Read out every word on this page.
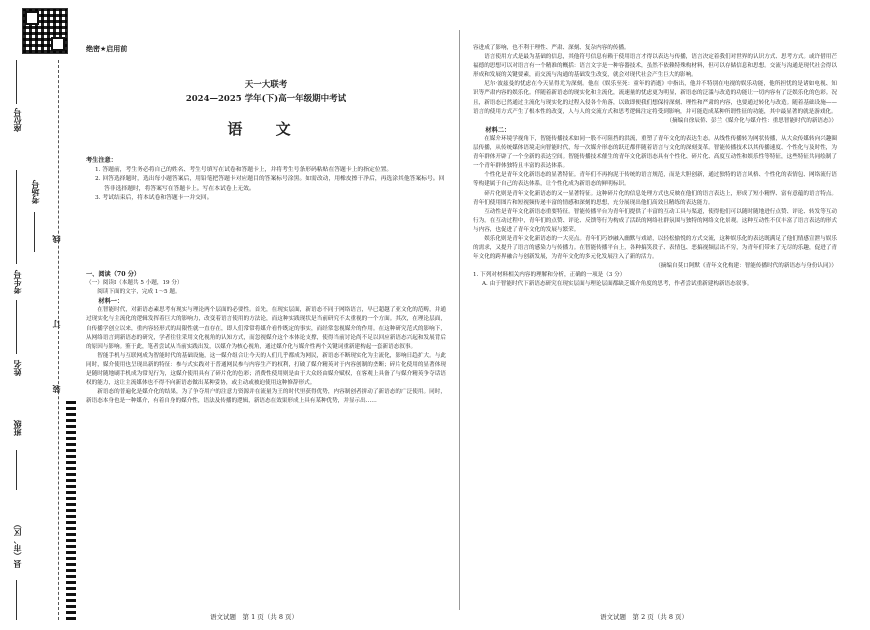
座位号
考场号
考生号
姓名
班级
县（市、区）
线
订
装
绝密★启用前
天一大联考
2024—2025 学年(下)高一年级期中考试
语 文
考生注意：

1. 答题前，考生务必将自己的姓名、考生号填写在试卷和答题卡上，并将考生号条形码粘贴在答题卡上的指定位置。

2. 回答选择题时，选出每小题答案后，用铅笔把答题卡对应题目的答案标号涂黑。如需改动，用橡皮擦干净后，再选涂其他答案标号。回答非选择题时，将答案写在答题卡上。写在本试卷上无效。

3. 考试结束后，将本试卷和答题卡一并交回。

一、阅读（70 分）

（一）阅读Ⅰ（本题共 5 小题，19 分）

阅读下面的文字，完成 1～5 题。

材料一：

在智能时代，对新语态素思考有现实与理论两个层面的必要性。首先，在现实层面，新语态不同于网络语言，早已超越了亚文化的范畴，并通过现实化与主流化的逻辑发挥着巨大的影响力，改变着语言使用的方法论，而这种实践现状是当前研究不太重视的一个方面。其次，在理论层面，自传播学创立以来，重内容轻形式的局限性就一直存在，即人们常常将媒介看作既定的事实，而经常忽视媒介的作用。在这种研究范式的影响下，从网络语言到新语态的研究，学者往往采用文化视角的认知方式，而忽视媒介这个本体论支撑，使得当前讨论尚不足以回应新语态兴起和发展背后的原因与影响。鉴于此，笔者尝试从当前实践出发，以媒介为核心视角，通过媒介化与媒介性两个关键词重新建构起一套新语态叙事。

智能手机与互联网成为智能时代的基础设施，这一媒介组合让今天的人们几乎都成为网民，新语态不断现实化为主流化，影响日趋扩大。与此同时，媒介使用也呈现出新的特征：参与式实践对于普通网民参与内容生产的权利，打破了媒介精英对于内容创制的垄断；碎片化使用的显著体现是随时随地刷手机成为常见行为，这媒介使用具有了碎片化的色彩；消费性使用则是由于大众经由媒介赋权，在客观上具备了与媒介精英争夺话语权的能力，这让主流媒体也不得不向新语态做出某种妥协，或主动或被迫使用这种修辞形式。

新语态的普遍化是媒介化的结果，为了争夺用户的注意力资源并在流量为王的时代里获得优势，内容制创者拼动了新语态的广泛使用。同时，新语态本身也是一种媒介，有着自身的媒介性，语法及传播的逻辑，新语态在效果形成上具有某种优势，并显示出……

语文试题　第 1 页（共 8 页）

容进成了影响，也不利于理性、严肃、深刻、复杂内容的传播。

语言使用方式是最为基础的信息，其他符号信息有赖于使用语言才得以表达与传播，语言决定着我们对世界的认识方式、思考方式。或许借用芒福德的思想可以对语言有一个精准的概括：语言文字是一种容器技术，虽然不依赖特殊构材料，但可以存储信息和思想。交流与沟通是现代社会得以形成和发展的关键要素，而交流与沟通的基础发生改变，就会对现代社会产生巨大的影响。

尼尔·波兹曼的忧虑在今天显得尤为深刻。他在《娱乐至死：童年的消逝》中指出，他并不特别在电视的娱乐功能，他所担忧的是诸如电视、知识等严肃内容的娱乐化。伴随着新语态的现实化和主流化，流速量的忧虑更为明显，新语态的泛滥与改造的功能让一切内容有了泛娱乐化的色彩。况且，新语态已然通过主流化与现实化的过程入侵各个角落，以致即便我们想保持深刻、理性和严肃的内容，也要通过转化与改造。随着基础设施——语言的使用方式产生了根本性的改变，人与人的交流方式和思考逻辑注定将受到影响，并可能造成某种所谓性征的功能，其中最显著的就是游戏化。

（摘编自徐辰侨、彭兰《媒介化与媒介性：重思智能时代的新语态》）

材料二：

在媒介环境学视角下，智能传播技术如同一股不可阻挡的洪流，重塑了青年文化的表达生态。从线性传播转为网状传播，从大众传媒转向兴趣圈层传播，从传统媒体语境走向智能时代，每一次媒介形态的跃迁都伴随着语言与文化的深刻变革。智能传播技术以其传播速度、个性化与及时性，为青年群体开辟了一个全新的表达空间。智能传播技术催生的青年文化新语态具有个性化、碎片化、高度互动性和娱乐性等特征，这些特征共同绘制了一个青年群体独特且丰富的表达体系。

个性化是青年文化新语态的显著特征。青年们不再拘泥于传统的语言规范，而是大胆创新，通过独特的语言风格、个性化的表情包、网络流行语等构建属于自己的表达体系，让个性化成为新语态的鲜明标识。

碎片化则是青年文化新语态的又一显著特征。这种碎片化的信息处理方式也反映在他们的语言表达上，形成了短小精悍、富有意蕴的语言特点。青年们使用图片和短视频传递丰富的情感和深刻的思想，充分展现出他们高效且精练的表达能力。

互动性是青年文化新语态重要特征。智能传播平台为青年们提供了丰富的互动工具与渠道，使得他们可以随时随地进行点赞、评论、转发等互动行为。在互动过程中，青年们的点赞、评论、反馈等行为构成了活跃的网络社群氛围与独特的网络文化景观。这种互动性不仅丰富了语言表达的形式与内容，也促进了青年文化的发展与繁荣。

娱乐化则是青年文化新语态的一大亮点。青年们巧妙融入幽默与戏谑，以轻松愉悦的方式交流，这种娱乐化的表达既满足了他们情感宣泄与娱乐的需求，又提升了语言的感染力与传播力。在智能传播平台上，各种搞笑段子、表情包、恶搞视频层出不穷，为青年们带来了无尽的乐趣，促进了青年文化的跨界融合与创新发展，为青年文化的多元化发展注入了新的活力。

（摘编自莫口阿默《青年文化构建：智能传播时代的新语态与身份认同》）

1. 下列对材料相关内容的理解和分析，正确的一项是（3 分）

A. 由于智能时代下新语态研究在现实层面与理论层面都缺乏媒介角度的思考，作者尝试重新建构新语态叙事。

语文试题　第 2 页（共 8 页）
